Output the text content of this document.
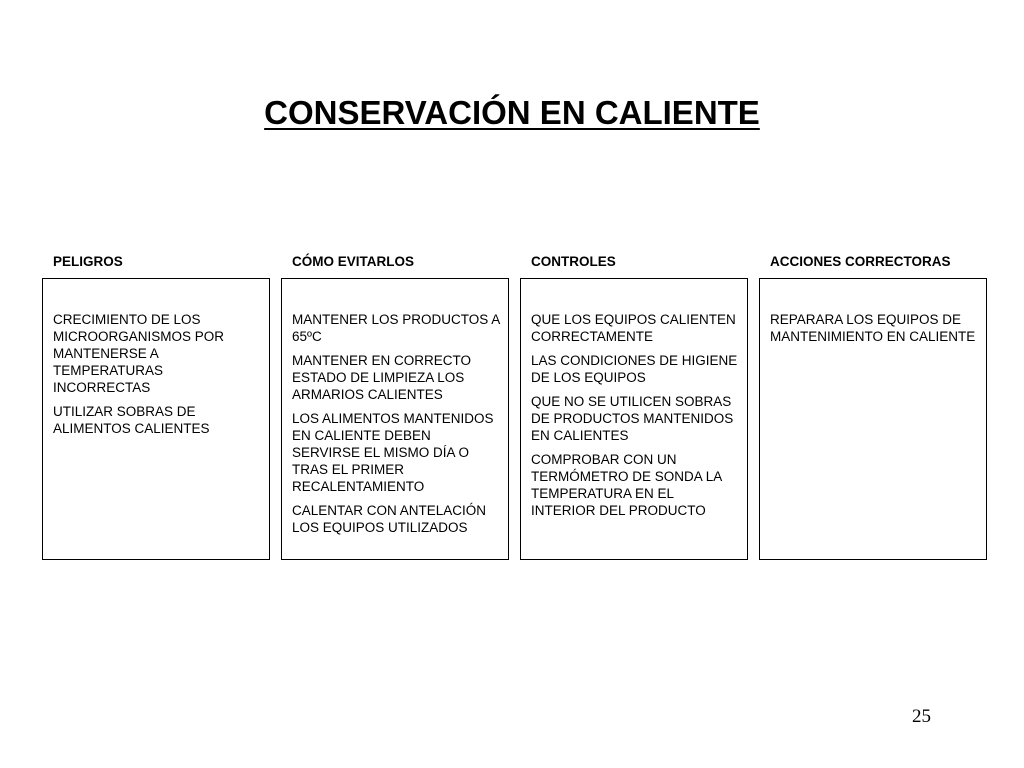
CONSERVACIÓN EN CALIENTE
PELIGROS

CRECIMIENTO DE LOS MICROORGANISMOS POR MANTENERSE A TEMPERATURAS INCORRECTAS

UTILIZAR SOBRAS DE ALIMENTOS CALIENTES

CÓMO EVITARLOS

MANTENER LOS PRODUCTOS A 65ºC

MANTENER EN CORRECTO ESTADO DE LIMPIEZA LOS ARMARIOS CALIENTES

LOS ALIMENTOS MANTENIDOS EN CALIENTE DEBEN SERVIRSE EL MISMO DÍA O TRAS EL PRIMER RECALENTAMIENTO

CALENTAR CON ANTELACIÓN LOS EQUIPOS UTILIZADOS

CONTROLES

QUE LOS EQUIPOS CALIENTEN CORRECTAMENTE

LAS CONDICIONES DE HIGIENE DE LOS EQUIPOS

QUE NO SE UTILICEN SOBRAS DE PRODUCTOS MANTENIDOS EN CALIENTES

COMPROBAR CON UN TERMÓMETRO DE SONDA LA TEMPERATURA EN EL INTERIOR DEL PRODUCTO

ACCIONES CORRECTORAS

REPARARA LOS EQUIPOS DE MANTENIMIENTO EN CALIENTE

25
